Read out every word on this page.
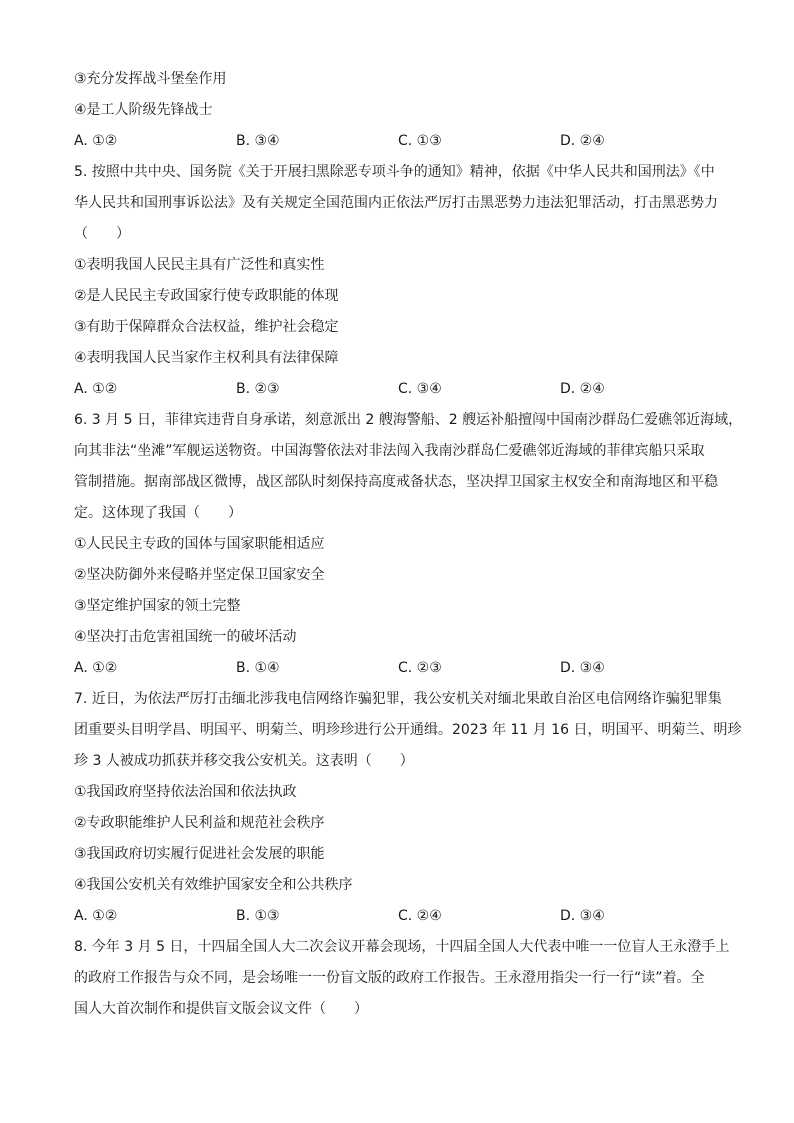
③充分发挥战斗堡垒作用
④是工人阶级先锋战士
A. ①②	B. ③④	C. ①③	D. ②④
5. 按照中共中央、国务院《关于开展扫黑除恶专项斗争的通知》精神，依据《中华人民共和国刑法》《中
华人民共和国刑事诉讼法》及有关规定全国范围内正依法严厉打击黑恶势力违法犯罪活动，打击黑恶势力
（　　）
①表明我国人民民主具有广泛性和真实性
②是人民民主专政国家行使专政职能的体现
③有助于保障群众合法权益，维护社会稳定
④表明我国人民当家作主权利具有法律保障
A. ①②	B. ②③	C. ③④	D. ②④
6. 3 月 5 日，菲律宾违背自身承诺，刻意派出 2 艘海警船、2 艘运补船擅闯中国南沙群岛仁爱礁邻近海域，
向其非法“坐滩”军舰运送物资。中国海警依法对非法闯入我南沙群岛仁爱礁邻近海域的菲律宾船只采取
管制措施。据南部战区微博，战区部队时刻保持高度戒备状态，坚决捍卫国家主权安全和南海地区和平稳
定。这体现了我国（　　）
①人民民主专政的国体与国家职能相适应
②坚决防御外来侵略并坚定保卫国家安全
③坚定维护国家的领土完整
④坚决打击危害祖国统一的破坏活动
A. ①②	B. ①④	C. ②③	D. ③④
7. 近日，为依法严厉打击缅北涉我电信网络诈骗犯罪，我公安机关对缅北果敢自治区电信网络诈骗犯罪集
团重要头目明学昌、明国平、明菊兰、明珍珍进行公开通缉。2023 年 11 月 16 日，明国平、明菊兰、明珍
珍 3 人被成功抓获并移交我公安机关。这表明（　　）
①我国政府坚持依法治国和依法执政
②专政职能维护人民利益和规范社会秩序
③我国政府切实履行促进社会发展的职能
④我国公安机关有效维护国家安全和公共秩序
A. ①②	B. ①③	C. ②④	D. ③④
8. 今年 3 月 5 日，十四届全国人大二次会议开幕会现场，十四届全国人大代表中唯一一位盲人王永澄手上
的政府工作报告与众不同，是会场唯一一份盲文版的政府工作报告。王永澄用指尖一行一行“读”着。全
国人大首次制作和提供盲文版会议文件（　　）
